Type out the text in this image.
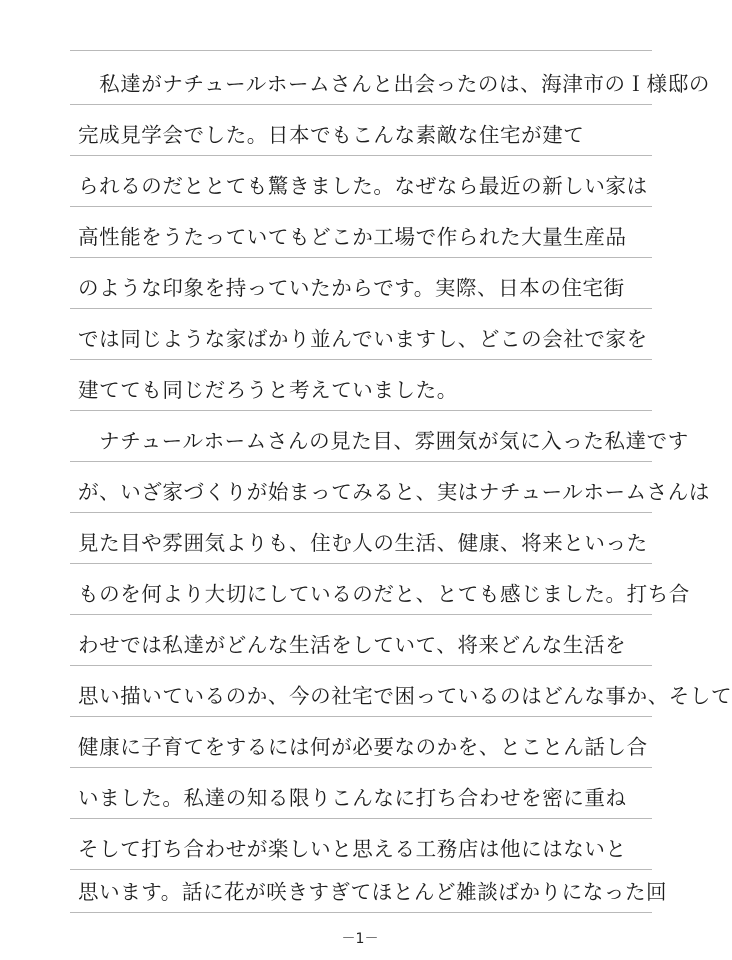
　私達がナチュールホームさんと出会ったのは、海津市のＩ様邸の
完成見学会でした。日本でもこんな素敵な住宅が建て
られるのだととても驚きました。なぜなら最近の新しい家は
高性能をうたっていてもどこか工場で作られた大量生産品
のような印象を持っていたからです。実際、日本の住宅街
では同じような家ばかり並んでいますし、どこの会社で家を
建てても同じだろうと考えていました。
　ナチュールホームさんの見た目、雰囲気が気に入った私達です
が、いざ家づくりが始まってみると、実はナチュールホームさんは
見た目や雰囲気よりも、住む人の生活、健康、将来といった
ものを何より大切にしているのだと、とても感じました。打ち合
わせでは私達がどんな生活をしていて、将来どんな生活を
思い描いているのか、今の社宅で困っているのはどんな事か、そして
健康に子育てをするには何が必要なのかを、とことん話し合
いました。私達の知る限りこんなに打ち合わせを密に重ね
そして打ち合わせが楽しいと思える工務店は他にはないと
思います。話に花が咲きすぎてほとんど雑談ばかりになった回
－1－
